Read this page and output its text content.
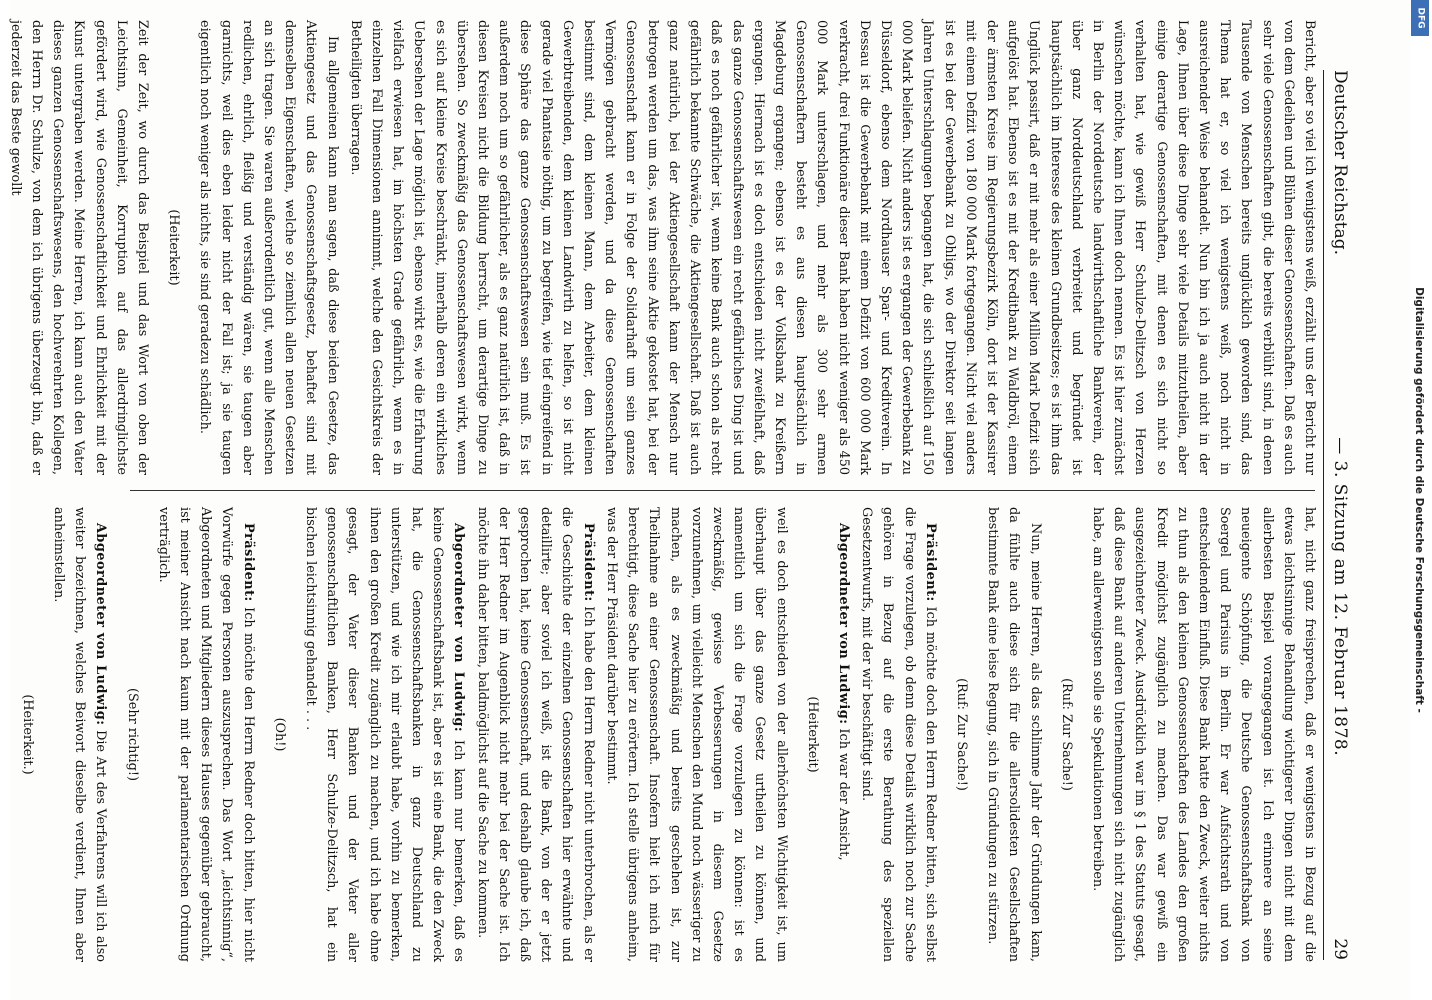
Deutscher Reichstag.
— 3. Sitzung am 12. Februar 1878.
29

Bericht, aber so viel ich wenigstens weiß, erzählt uns der Bericht nur von dem Gedeihen und Blühen dieser Genossenschaften. Daß es auch sehr viele Genossenschaften gibt, die bereits verblüht sind, in denen Tausende von Menschen bereits unglücklich geworden sind, das Thema hat er, so viel ich wenigstens weiß, noch nicht in ausreichender Weise behandelt. Nun bin ich ja auch nicht in der Lage, Ihnen über diese Dinge sehr viele Details mitzutheilen, aber einige derartige Genossenschaften, mit denen es sich nicht so verhalten hat, wie gewiß Herr Schulze-Delitzsch von Herzen wünschen möchte, kann ich Ihnen doch nennen. Es ist hier zunächst in Berlin der Norddeutsche landwirthschaftliche Bankverein, der über ganz Norddeutschland verbreitet und begründet ist hauptsächlich im Interesse des kleinen Grundbesitzes; es ist ihm das Unglück passirt, daß er mit mehr als einer Million Mark Defizit sich aufgelöst hat. Ebenso ist es mit der Kreditbank zu Waldbröl, einem der ärmsten Kreise im Regierungsbezirk Köln, dort ist der Kassirer mit einem Defizit von 180 000 Mark fortgegangen. Nicht viel anders ist es bei der Gewerbebank zu Ohligs, wo der Direktor seit langen Jahren Unterschlagungen begangen hat, die sich schließlich auf 150 000 Mark beliefen. Nicht anders ist es ergangen der Gewerbebank zu Düsseldorf, ebenso dem Nordhauser Spar- und Kreditverein. In Dessau ist die Gewerbebank mit einem Defizit von 600 000 Mark verkracht, drei Funktionäre dieser Bank haben nicht weniger als 450 000 Mark unterschlagen, und mehr als 300 sehr armen Genossenschaftern besteht es aus diesen hauptsächlich in Magdeburg ergangen; ebenso ist es der Volksbank zu Kreißern ergangen. Hiernach ist es doch entschieden nicht zweifelhaft, daß das ganze Genossenschaftswesen ein recht gefährliches Ding ist und daß es noch gefährlicher ist, wenn keine Bank auch schon als recht gefährlich bekannte Schwäche, die Aktiengesellschaft. Daß ist auch ganz natürlich, bei der Aktiengesellschaft kann der Mensch nur betrogen werden um das, was ihm seine Aktie gekostet hat, bei der Genossenschaft kann er in Folge der Solidarhaft um sein ganzes Vermögen gebracht werden, und da diese Genossenschaften bestimmt sind, dem kleinen Mann, dem Arbeiter, dem kleinen Gewerbtreibenden, dem kleinen Landwirth zu helfen, so ist nicht gerade viel Phantasie nöthig, um zu begreifen, wie tief eingreifend in diese Sphäre das ganze Genossenschaftswesen sein muß. Es ist außerdem noch um so gefährlicher, als es ganz natürlich ist, daß in diesen Kreisen nicht die Bildung herrscht, um derartige Dinge zu übersehen. So zweckmäßig das Genossenschaftswesen wirkt, wenn es sich auf kleine Kreise beschränkt, innerhalb deren ein wirkliches Uebersehen der Lage möglich ist, ebenso wirkt es, wie die Erfahrung vielfach erwiesen hat, im höchsten Grade gefährlich, wenn es in einzelnen Fall Dimensionen annimmt, welche den Gesichtskreis der Betheiligten überragen.

Im allgemeinen kann man sagen, daß diese beiden Gesetze, das Aktiengesetz und das Genossenschaftsgesetz, behaftet sind mit demselben Eigenschaften, welche so ziemlich allen neuen Gesetzen an sich tragen. Sie waren außerordentlich gut, wenn alle Menschen redlichen, ehrlich, fleißig und verständig wären, sie taugen aber garnichts, weil dies eben leider nicht der Fall ist; ja sie taugen eigentlich noch weniger als nichts, sie sind geradezu schädlich.

(Heiterkeit)

Zeit der Zeit, wo durch das Beispiel und das Wort von oben der Leichtsinn, Gemeinheit, Korruption auf das allerdringlichste gefördert wird, wie Genossenschaftlichkeit und Ehrlichkeit mit der Kunst untergraben werden. Meine Herren, ich kann auch den Vater dieses ganzen Genossenschaftswesens, den hochverehrten Kollegen, den Herrn Dr. Schulze, von dem ich übrigens überzeugt bin, daß er jederzeit das Beste gewollt

hat, nicht ganz freisprechen, daß er wenigstens in Bezug auf die etwas leichtsinnige Behandlung wichtigerer Dingen nicht mit dem allerbesten Beispiel vorangegangen ist. Ich erinnere an seine neueigente Schöpfung, die Deutsche Genossenschaftsbank von Soergel und Parisius in Berlin. Er war Aufsichtsrath und von entscheidendem Einfluß. Diese Bank hatte den Zweck, weiter nichts zu thun als den kleinen Genossenschaften des Landes den großen Kredit möglichst zugänglich zu machen. Das war gewiß ein ausgezeichneter Zweck. Ausdrücklich war im § 1 des Statuts gesagt, daß diese Bank auf anderen Unternehmungen sich nicht zugänglich habe, am allerwenigsten solle sie Spekulationen betreiben.

(Ruf: Zur Sache!)

Nun, meine Herren, als das schlimme Jahr der Gründungen kam, da fühlte auch diese sich für die allersolidesten Gesellschaften bestimmte Bank eine leise Regung, sich in Gründungen zu stürzen.

(Ruf: Zur Sache!)

Präsident: Ich möchte doch den Herrn Redner bitten, sich selbst die Frage vorzulegen, ob denn diese Details wirklich noch zur Sache gehören in Bezug auf die erste Berathung des speziellen Gesetzentwurfs, mit der wir beschäftigt sind.

Abgeordneter von Ludwig: Ich war der Ansicht,

(Heiterkeit)

weil es doch entschieden von der allerhöchsten Wichtigkeit ist, um überhaupt über das ganze Gesetz urtheilen zu können, und namentlich um sich die Frage vorzulegen zu können: ist es zweckmäßig, gewisse Verbesserungen in diesem Gesetze vorzunehmen, um vielleicht Menschen den Mund noch wässeriger zu machen, als es zweckmäßig und bereits geschehen ist, zur Theilnahme an einer Genossenschaft. Insofern hielt ich mich für berechtigt, diese Sache hier zu erörtern. Ich stelle übrigens anheim, was der Herr Präsident darüber bestimmt.

Präsident: Ich habe den Herrn Redner nicht unterbrochen, als er die Geschichte der einzelnen Genossenschaften hier erwähnte und detaillirte; aber soviel ich weiß, ist die Bank, von der er jetzt gesprochen hat, keine Genossenschaft, und deshalb glaube ich, daß der Herr Redner im Augenblick nicht mehr bei der Sache ist. Ich möchte ihn daher bitten, baldmöglichst auf die Sache zu kommen.

Abgeordneter von Ludwig: Ich kann nur bemerken, daß es keine Genossenschaftsbank ist, aber es ist eine Bank, die den Zweck hat, die Genossenschaftsbanken in ganz Deutschland zu unterstützen, und wie ich mir erlaubt habe, vorhin zu bemerken, ihnen den großen Kredit zugänglich zu machen, und ich habe ohne gesagt, der Vater dieser Banken und der Vater aller genossenschaftlichen Banken, Herr Schulze-Delitzsch, hat ein bischen leichtsinnig gehandelt . . .

(Oh!)

Präsident: Ich möchte den Herrn Redner doch bitten, hier nicht Vorwürfe gegen Personen auszusprechen. Das Wort „leichtsinnig“, Abgeordneten und Mitgliedern dieses Hauses gegenüber gebraucht, ist meiner Ansicht nach kaum mit der parlamentarischen Ordnung verträglich.

(Sehr richtig!)

Abgeordneter von Ludwig: Die Art des Verfahrens will ich also weiter bezeichnen, welches Beiwort dieselbe verdient, Ihnen aber anheimstellen.

(Heiterkeit.)
DFG
Digitalisierung gefördert durch die Deutsche Forschungsgemeinschaft -
